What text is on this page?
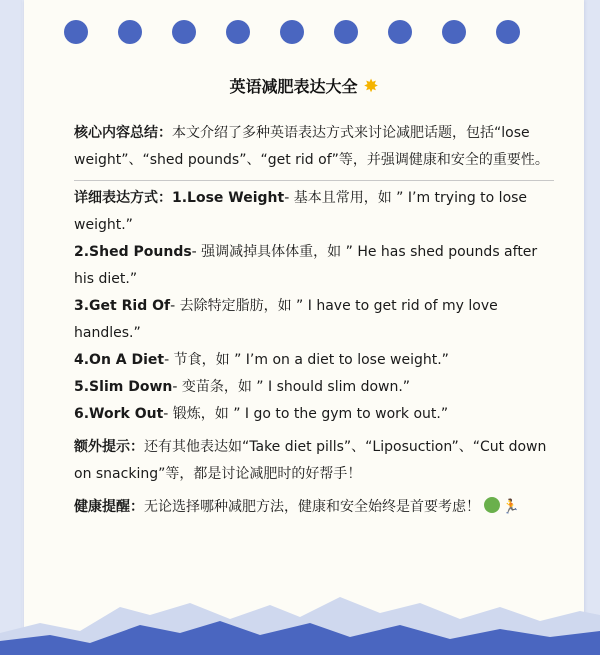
英语减肥表达大全 ✸

核心内容总结：本文介绍了多种英语表达方式来讨论减肥话题，包括“lose weight”、“shed pounds”、“get rid of”等，并强调健康和安全的重要性。

详细表达方式：1.Lose Weight- 基本且常用，如 ” I’m trying to lose weight.”

2.Shed Pounds- 强调减掉具体体重，如 ” He has shed pounds after his diet.”

3.Get Rid Of- 去除特定脂肪，如 ” I have to get rid of my love handles.”

4.On A Diet- 节食，如 ” I’m on a diet to lose weight.”

5.Slim Down- 变苗条，如 ” I should slim down.”

6.Work Out- 锻炼，如 ” I go to the gym to work out.”

额外提示：还有其他表达如“Take diet pills”、“Liposuction”、“Cut down on snacking”等，都是讨论减肥时的好帮手！

健康提醒：无论选择哪种减肥方法，健康和安全始终是首要考虑！ 🏃
